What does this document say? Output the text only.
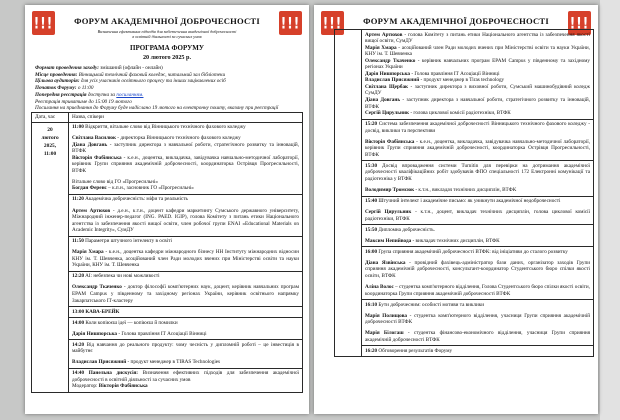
!!!	!!!
ФОРУМ АКАДЕМІЧНОЇ ДОБРОЧЕСНОСТІ
Визначення ефективних підходів для забезпечення академічної доброчесності
в освітній діяльності за сучасних умов
ПРОГРАМА ФОРУМУ
20 лютого 2025 р.
Формат проведення заходу: змішаний (офлайн - онлайн)
Місце проведення: Вінницький технічний фаховий коледж, читальний зал бібліотеки
Цільова аудиторія: для усіх учасників освітнього процесу та інших зацікавлених осіб
Початок Форуму: о 11:00
Попередня реєстрація доступна за посиланням.
Реєстрація триватиме до 15:00 19 лютого
Посилання на приєднання до Форуму буде надіслано 19 лютого на електронну пошту, вказану при реєстрації
Дата, час	Назва, спікери
20 лютого 2025, 11:00
11:00 Відкриття, вітальне слово від Вінницького технічного фахового коледжу
Світлана Василюк - директорка Вінницького технічного фахового коледжу
Діана Довгань - заступник директора з навчальної роботи, стратегічного розвитку та інновацій, ВТФК
Вікторія Фабіянська - к.е.н., доцентка, викладачка, завідувачка навчально-методичної лабораторії, керівник Групи сприяння академічній доброчесності, координаторка Острівця Прогресильності, ВТФК
Вітальне слово від ГО «Прогресильні»
Богдан Ференс – к.п.н., засновник ГО «Прогресильні»
11:20 Академічна доброчесність: міфи та реальність
Артем Артюхов - д.е.н., к.т.н., доцент кафедри маркетингу Сумського державного університету, Міжнародний інженер-педагог (ING. PAED. IGIP), голова Комітету з питань етики Національного агентства із забезпечення якості вищої освіти, член робочої групи ENAI «Educational Materials on Academic Integrity», СумДУ
11:50 Параметри штучного інтелекту в освіті
Марія Хмара - к.е.н., доцентка кафедри міжнародного бізнесу НН Інституту міжнародних відносин КНУ ім. Т. Шевченка, асоційований член Ради молодих вчених при Міністерстві освіти та науки України, КНУ ім. Т. Шевченка
12:20 AI: небезпека чи нові можливості
Олександр Ткаченко - доктор філософії комп'ютерних наук, доцент, керівник навчальних програм EPAM Campus у південному та західному регіонах України, керівник освітнього напрямку Закарпатського ІТ-кластеру
13:00 КАВА-БРЕЙК
14:00 Коли копіюєш ідеї — копіюєш й помилки
Дарія Нишпорська - Голова правління ІТ Асоціації Вінниці
14:20 Від навчання до реального продукту: чому чесність у дипломній роботі – це інвестиція в майбутнє
Владислав Присяжний - продукт менеджер в TIRAS Technologies
14:40 Панельна дискусія: Визначення ефективних підходів для забезпечення академічної доброчесності в освітній діяльності за сучасних умов
Модератор: Вікторія Фабіянська
!!!	!!!
ФОРУМ АКАДЕМІЧНОЇ ДОБРОЧЕСНОСТІ
Артем Артюхов - голова Комітету з питань етики Національного агентства із забезпечення якості вищої освіти, СумДУ
Марія Хмара - асоційований член Ради молодих вчених при Міністерстві освіти та науки України, КНУ ім. Т. Шевченка
Олександр Ткаченко - керівник навчальних програм EPAM Campus у південному та західному регіонах України
Дарія Нишпорська - Голова правління ІТ Асоціації Вінниці
Владислав Присяжний - продукт менеджер в Tiras technology
Світлана Щербак - заступник директора з виховної роботи, Сумський машинобудівний коледж СумДУ
Діана Довгань - заступник директора з навчальної роботи, стратегічного розвитку та інновацій, ВТФК
Сергій Цирульник - голова циклової комісії радіотехніки, ВТФК
15:20 Система забезпечення академічної доброчесності Вінницького технічного фахового коледжу - досвід, виклики та перспективи
Вікторія Фабіянська - к.е.н., доцентка, викладачка, завідувачка навчально-методичної лабораторії, керівник Групи сприяння академічній доброчесності, координаторка Острівця Прогресильності, ВТФК
15:30 Досвід впровадження системи Turnitin для перевірки на дотримання академічної доброчесності кваліфікаційних робіт здобувачів ФПО спеціальності 172 Електронні комунікації та радіотехніка у ВТФК
Володимир Тромсюк - к.т.н., викладач технічних дисциплін, ВТФК
15:40 Штучний інтелект і академічне письмо: як уникнути академічної недоброчесності
Сергій Цирульник - к.т.н., доцент, викладач технічних дисциплін, голова циклової комісії радіотехніки, ВТФК
15:50 Дипломна доброчесність.
Максим Непийвода - викладач технічних дисциплін, ВТФК
16:00 Група сприяння академічній доброчесності ВТФК: від ініціативи до сталого розвитку
Діана Язвінська - провідний фахівець-адміністратор бази даних, організатор заходів Групи сприяння академічній доброчесності, консультант-координатор Студентського бюро спілки якості освіти, ВТФК
Аліна Волос – студентка комп'ютерного відділення, Голова Студентського бюро спілки якості освіти, координаторка Групи сприяння академічній доброчесності ВТФК
16:10 Бути доброчесним: особисті мотиви та виклики
Марія Полищова - студентка комп'ютерного відділення, учасниця Групи сприяння академічній доброчесності ВТФК
Марія Білогаш - студентка фінансово-економічного відділення, учасниця Групи сприяння академічній доброчесності ВТФК
16:20 Обговорення результатів Форуму
